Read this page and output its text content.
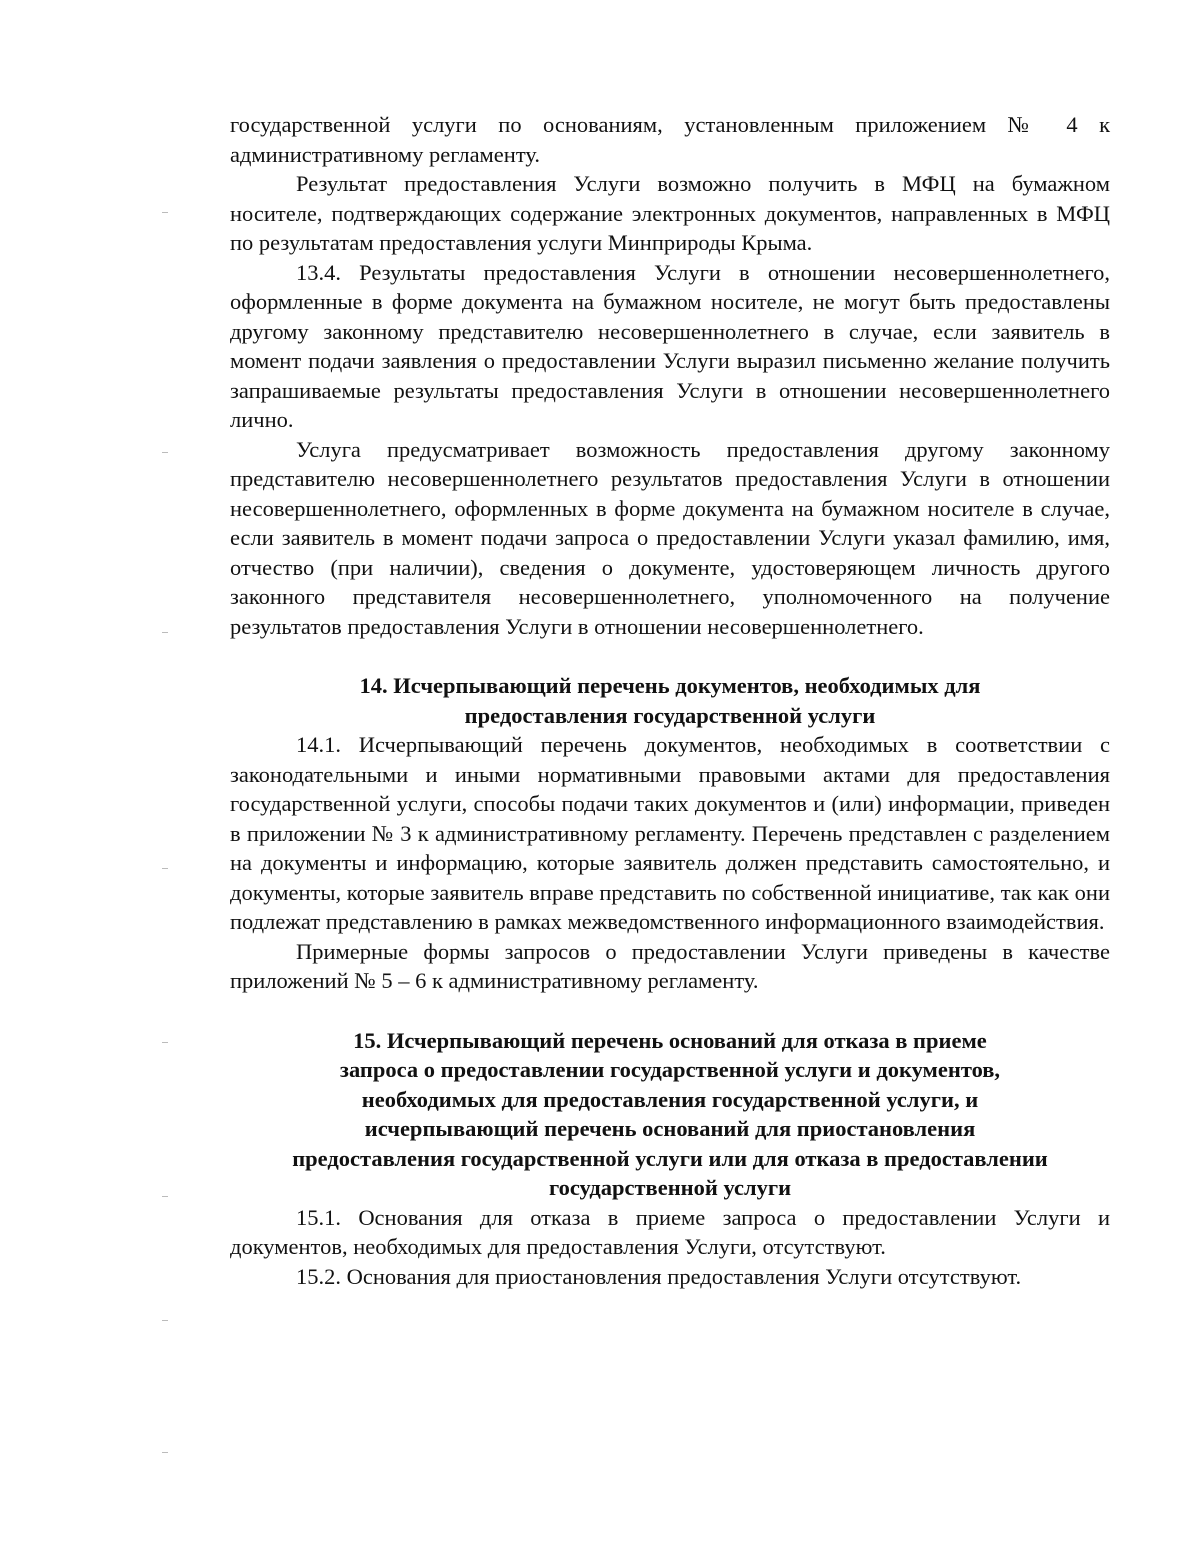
государственной услуги по основаниям, установленным приложением № 4 к административному регламенту.

Результат предоставления Услуги возможно получить в МФЦ на бумажном носителе, подтверждающих содержание электронных документов, направленных в МФЦ по результатам предоставления услуги Минприроды Крыма.

13.4. Результаты предоставления Услуги в отношении несовершеннолетнего, оформленные в форме документа на бумажном носителе, не могут быть предоставлены другому законному представителю несовершеннолетнего в случае, если заявитель в момент подачи заявления о предоставлении Услуги выразил письменно желание получить запрашиваемые результаты предоставления Услуги в отношении несовершеннолетнего лично.

Услуга предусматривает возможность предоставления другому законному представителю несовершеннолетнего результатов предоставления Услуги в отношении несовершеннолетнего, оформленных в форме документа на бумажном носителе в случае, если заявитель в момент подачи запроса о предоставлении Услуги указал фамилию, имя, отчество (при наличии), сведения о документе, удостоверяющем личность другого законного представителя несовершеннолетнего, уполномоченного на получение результатов предоставления Услуги в отношении несовершеннолетнего.

14. Исчерпывающий перечень документов, необходимых для

предоставления государственной услуги

14.1. Исчерпывающий перечень документов, необходимых в соответствии с законодательными и иными нормативными правовыми актами для предоставления государственной услуги, способы подачи таких документов и (или) информации, приведен в приложении № 3 к административному регламенту. Перечень представлен с разделением на документы и информацию, которые заявитель должен представить самостоятельно, и документы, которые заявитель вправе представить по собственной инициативе, так как они подлежат представлению в рамках межведомственного информационного взаимодействия.

Примерные формы запросов о предоставлении Услуги приведены в качестве приложений № 5 – 6 к административному регламенту.

15. Исчерпывающий перечень оснований для отказа в приеме

запроса о предоставлении государственной услуги и документов,

необходимых для предоставления государственной услуги, и

исчерпывающий перечень оснований для приостановления

предоставления государственной услуги или для отказа в предоставлении

государственной услуги

15.1. Основания для отказа в приеме запроса о предоставлении Услуги и документов, необходимых для предоставления Услуги, отсутствуют.

15.2. Основания для приостановления предоставления Услуги отсутствуют.
